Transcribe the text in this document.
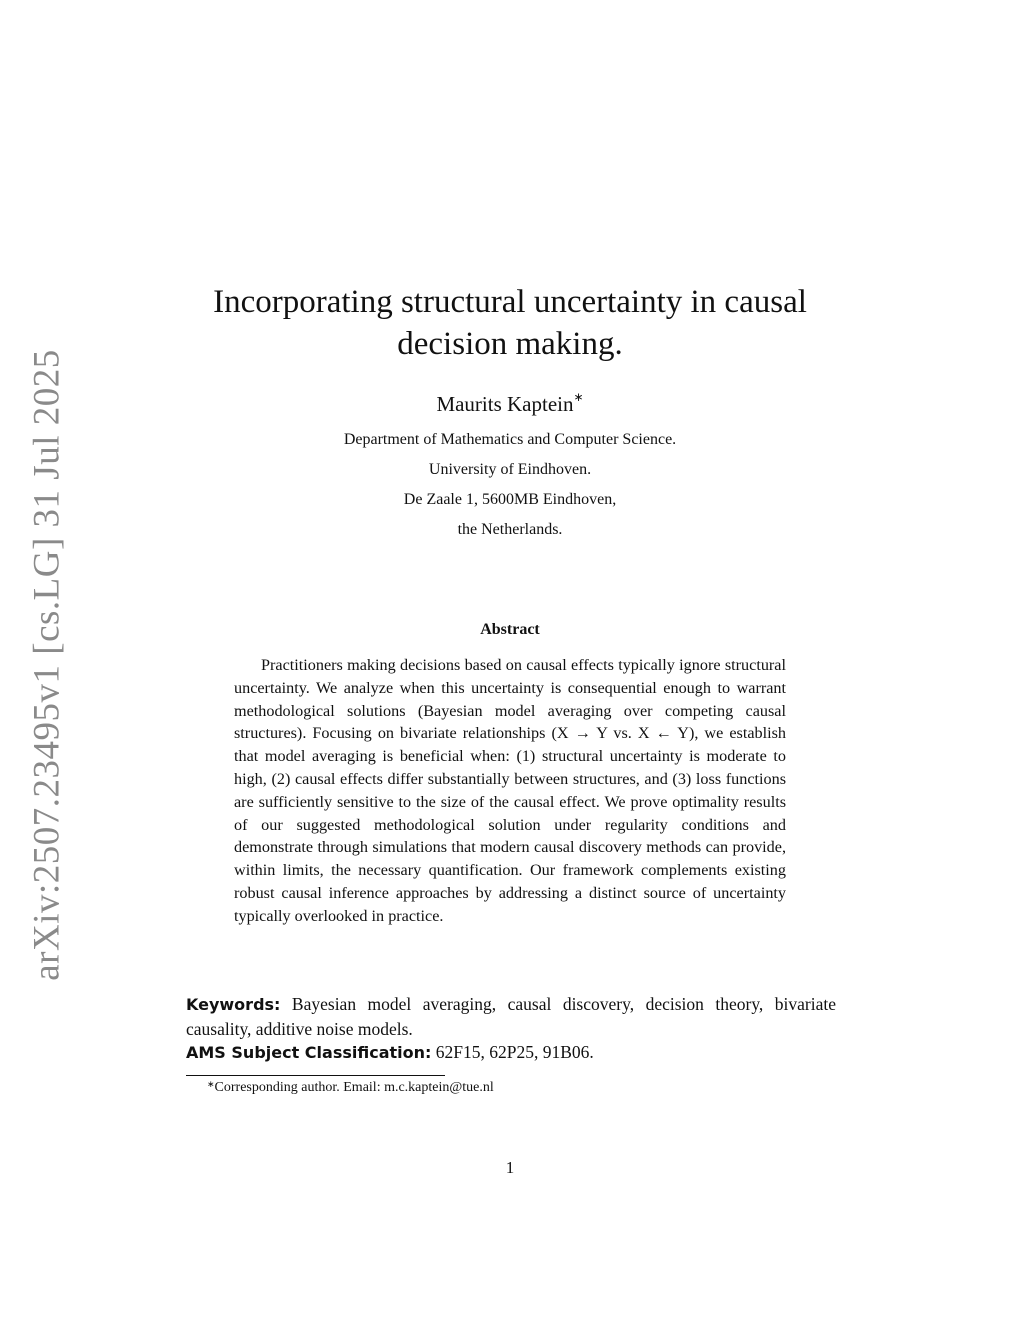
arXiv:2507.23495v1 [cs.LG] 31 Jul 2025
Incorporating structural uncertainty in causal
decision making.
Maurits Kaptein∗
Department of Mathematics and Computer Science.
University of Eindhoven.
De Zaale 1, 5600MB Eindhoven,
the Netherlands.
Abstract

Practitioners making decisions based on causal effects typically ignore structural uncertainty. We analyze when this uncertainty is consequential enough to warrant methodological solutions (Bayesian model averaging over competing causal structures). Focusing on bivariate relationships (X → Y vs. X ← Y), we establish that model averaging is beneficial when: (1) structural uncertainty is moderate to high, (2) causal effects differ substantially between structures, and (3) loss functions are sufficiently sensitive to the size of the causal effect. We prove optimality results of our suggested methodological solution under regularity conditions and demonstrate through simulations that modern causal discovery methods can provide, within limits, the necessary quantification. Our framework complements existing robust causal inference approaches by addressing a distinct source of uncertainty typically overlooked in practice.

Keywords: Bayesian model averaging, causal discovery, decision theory, bivariate causality, additive noise models.

AMS Subject Classification: 62F15, 62P25, 91B06.

∗Corresponding author. Email: m.c.kaptein@tue.nl
1
